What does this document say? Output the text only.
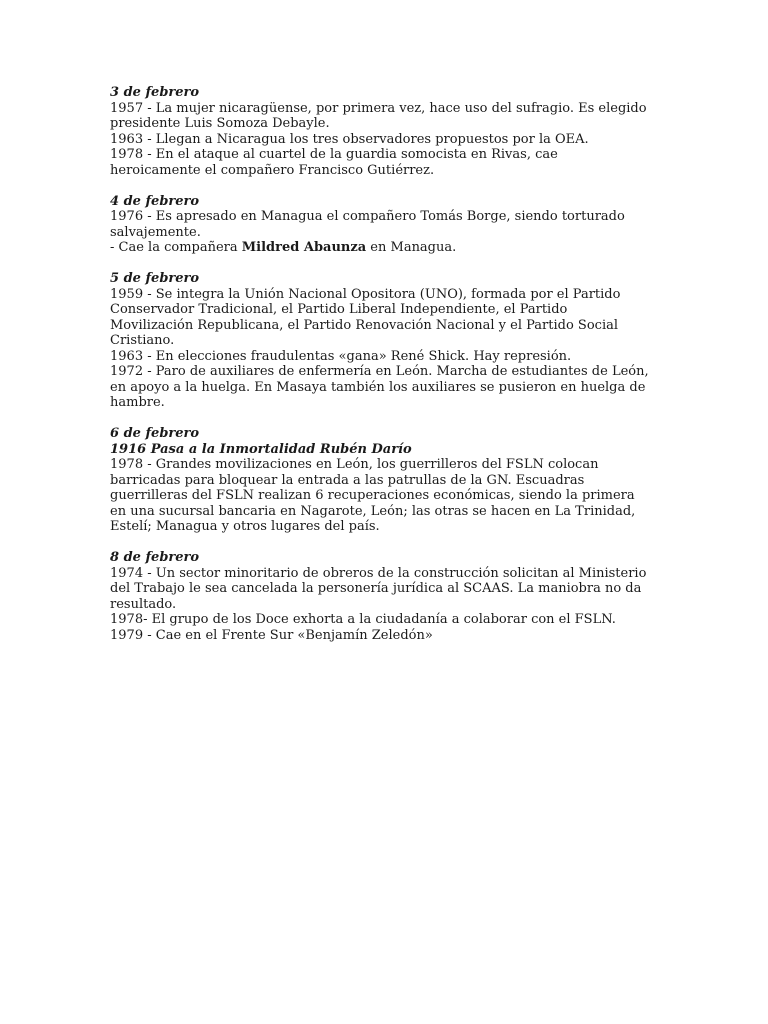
3 de febrero
1957 - La mujer nicaragüense, por primera vez, hace uso del sufragio. Es elegido presidente Luis Somoza Debayle.
1963 - Llegan a Nicaragua los tres observadores propuestos por la OEA.
1978 - En el ataque al cuartel de la guardia somocista en Rivas, cae heroicamente el compañero Francisco Gutiérrez.
4 de febrero
1976 - Es apresado en Managua el compañero Tomás Borge, siendo torturado salvajemente.
- Cae la compañera Mildred Abaunza en Managua.
5 de febrero
1959 - Se integra la Unión Nacional Opositora (UNO), formada por el Partido Conservador Tradicional, el Partido Liberal Independiente, el Partido Movilización Republicana, el Partido Renovación Nacional y el Partido Social Cristiano.
1963 - En elecciones fraudulentas «gana» René Shick. Hay represión.
1972 - Paro de auxiliares de enfermería en León. Marcha de estudiantes de León, en apoyo a la huelga. En Masaya también los auxiliares se pusieron en huelga de hambre.
6 de febrero
1916 Pasa a la Inmortalidad Rubén Darío
1978 - Grandes movilizaciones en León, los guerrilleros del FSLN colocan barricadas para bloquear la entrada a las patrullas de la GN. Escuadras guerrilleras del FSLN realizan 6 recuperaciones económicas, siendo la primera en una sucursal bancaria en Nagarote, León; las otras se hacen en La Trinidad, Estelí; Managua y otros lugares del país.
8 de febrero
1974 - Un sector minoritario de obreros de la construcción solicitan al Ministerio del Trabajo le sea cancelada la personería jurídica al SCAAS. La maniobra no da resultado.
1978- El grupo de los Doce exhorta a la ciudadanía a colaborar con el FSLN.
1979 - Cae en el Frente Sur «Benjamín Zeledón»
